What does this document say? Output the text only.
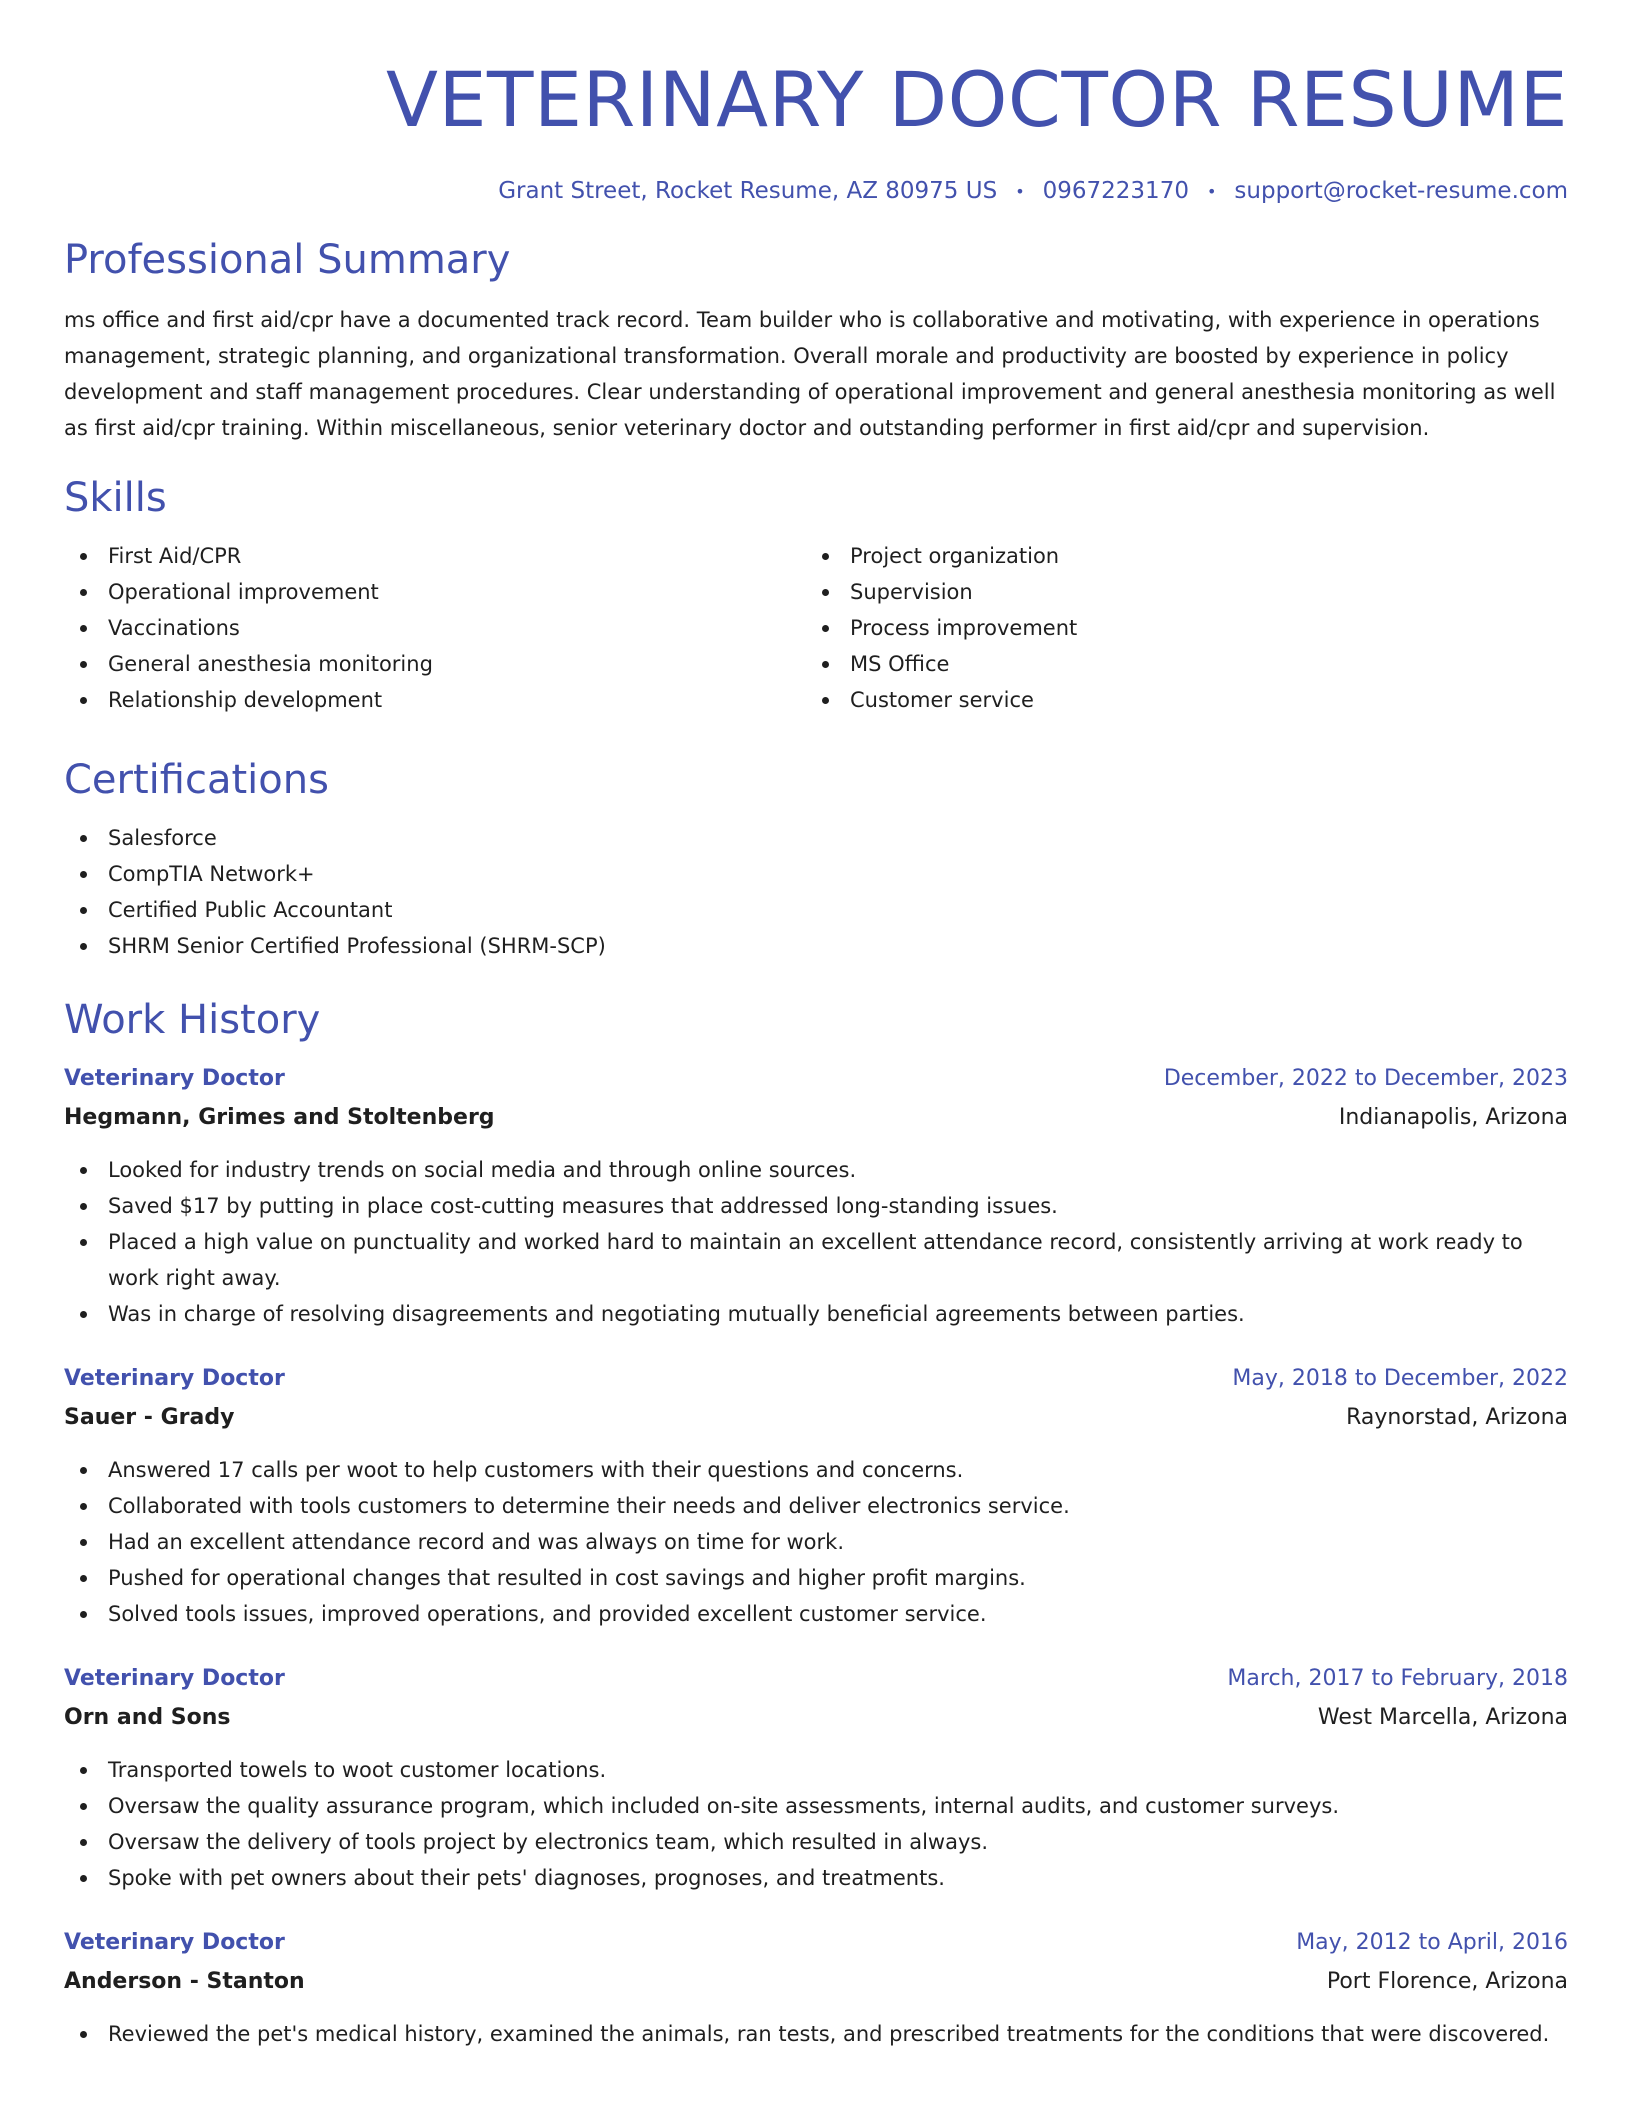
VETERINARY DOCTOR RESUME
Grant Street, Rocket Resume, AZ 80975 US • 0967223170 • support@rocket-resume.com
Professional Summary
ms office and first aid/cpr have a documented track record. Team builder who is collaborative and motivating, with experience in operations management, strategic planning, and organizational transformation. Overall morale and productivity are boosted by experience in policy development and staff management procedures. Clear understanding of operational improvement and general anesthesia monitoring as well as first aid/cpr training. Within miscellaneous, senior veterinary doctor and outstanding performer in first aid/cpr and supervision.
Skills
First Aid/CPR
Operational improvement
Vaccinations
General anesthesia monitoring
Relationship development
Project organization
Supervision
Process improvement
MS Office
Customer service
Certifications
Salesforce
CompTIA Network+
Certified Public Accountant
SHRM Senior Certified Professional (SHRM-SCP)
Work History
Veterinary Doctor	December, 2022 to December, 2023
Hegmann, Grimes and Stoltenberg	Indianapolis, Arizona
Looked for industry trends on social media and through online sources.
Saved $17 by putting in place cost-cutting measures that addressed long-standing issues.
Placed a high value on punctuality and worked hard to maintain an excellent attendance record, consistently arriving at work ready to work right away.
Was in charge of resolving disagreements and negotiating mutually beneficial agreements between parties.
Veterinary Doctor	May, 2018 to December, 2022
Sauer - Grady	Raynorstad, Arizona
Answered 17 calls per woot to help customers with their questions and concerns.
Collaborated with tools customers to determine their needs and deliver electronics service.
Had an excellent attendance record and was always on time for work.
Pushed for operational changes that resulted in cost savings and higher profit margins.
Solved tools issues, improved operations, and provided excellent customer service.
Veterinary Doctor	March, 2017 to February, 2018
Orn and Sons	West Marcella, Arizona
Transported towels to woot customer locations.
Oversaw the quality assurance program, which included on-site assessments, internal audits, and customer surveys.
Oversaw the delivery of tools project by electronics team, which resulted in always.
Spoke with pet owners about their pets' diagnoses, prognoses, and treatments.
Veterinary Doctor	May, 2012 to April, 2016
Anderson - Stanton	Port Florence, Arizona
Reviewed the pet's medical history, examined the animals, ran tests, and prescribed treatments for the conditions that were discovered.
